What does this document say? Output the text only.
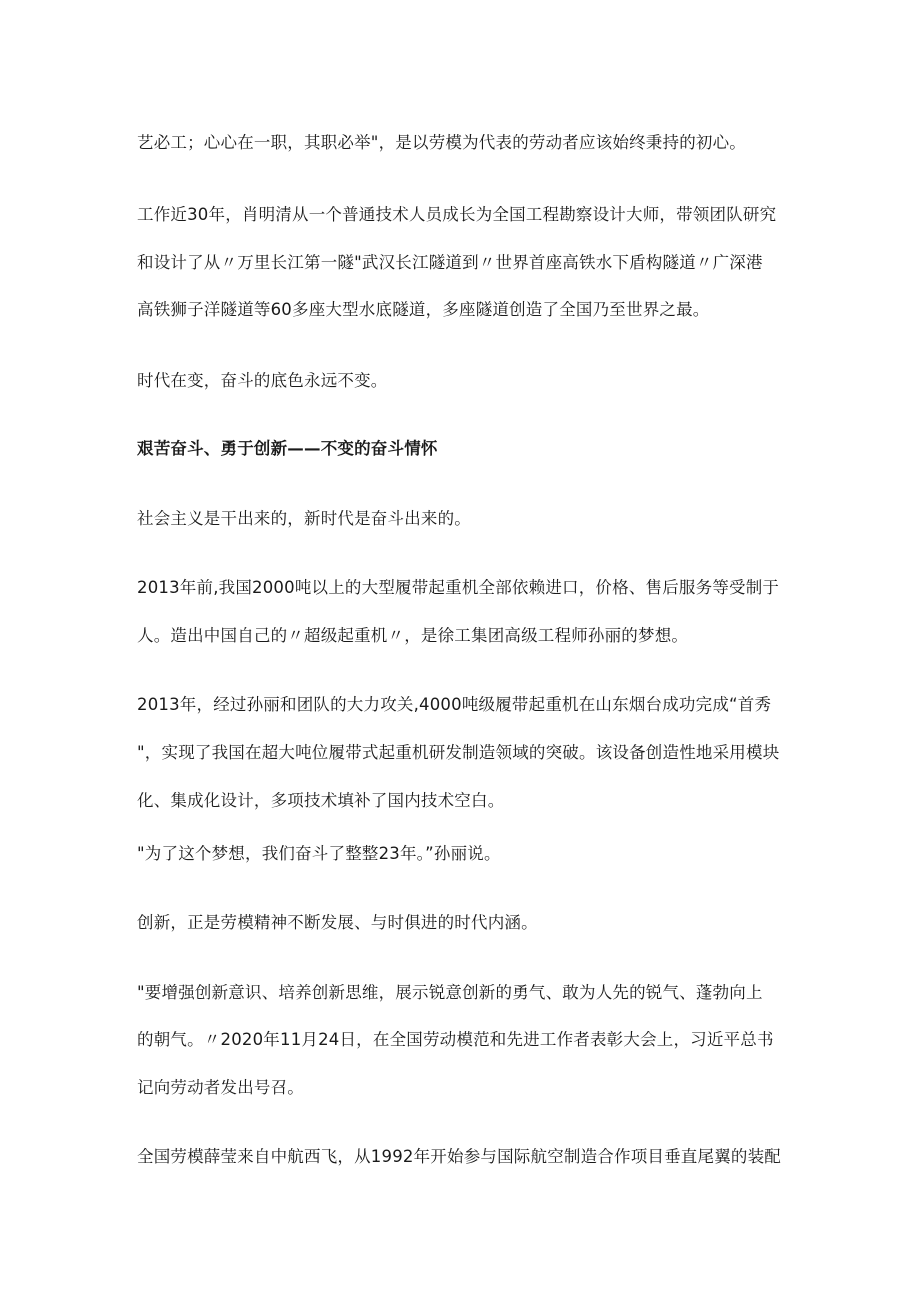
艺必工；心心在一职，其职必举"，是以劳模为代表的劳动者应该始终秉持的初心。
工作近30年，肖明清从一个普通技术人员成长为全国工程勘察设计大师，带领团队研究
和设计了从〃万里长江第一隧"武汉长江隧道到〃世界首座高铁水下盾构隧道〃广深港
高铁狮子洋隧道等60多座大型水底隧道，多座隧道创造了全国乃至世界之最。
时代在变，奋斗的底色永远不变。
艰苦奋斗、勇于创新——不变的奋斗情怀
社会主义是干出来的，新时代是奋斗出来的。
2013年前,我国2000吨以上的大型履带起重机全部依赖进口，价格、售后服务等受制于
人。造出中国自己的〃超级起重机〃，是徐工集团高级工程师孙丽的梦想。
2013年，经过孙丽和团队的大力攻关,4000吨级履带起重机在山东烟台成功完成“首秀
"，实现了我国在超大吨位履带式起重机研发制造领域的突破。该设备创造性地采用模块
化、集成化设计，多项技术填补了国内技术空白。
"为了这个梦想，我们奋斗了整整23年。”孙丽说。
创新，正是劳模精神不断发展、与时俱进的时代内涵。
"要增强创新意识、培养创新思维，展示锐意创新的勇气、敢为人先的锐气、蓬勃向上
的朝气。〃2020年11月24日，在全国劳动模范和先进工作者表彰大会上，习近平总书
记向劳动者发出号召。
全国劳模薛莹来自中航西飞，从1992年开始参与国际航空制造合作项目垂直尾翼的装配
